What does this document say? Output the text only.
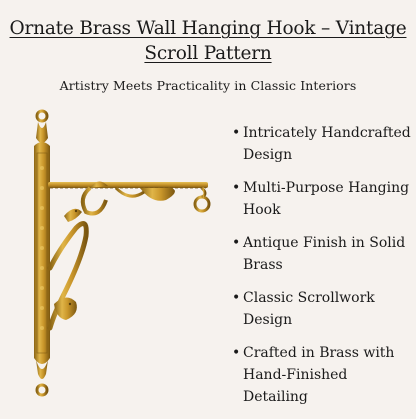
Ornate Brass Wall Hanging Hook – Vintage Scroll Pattern
Artistry Meets Practicality in Classic Interiors
• Intricately Handcrafted Design
• Multi-Purpose Hanging Hook
• Antique Finish in Solid Brass
• Classic Scrollwork Design
• Crafted in Brass with Hand-Finished Detailing
